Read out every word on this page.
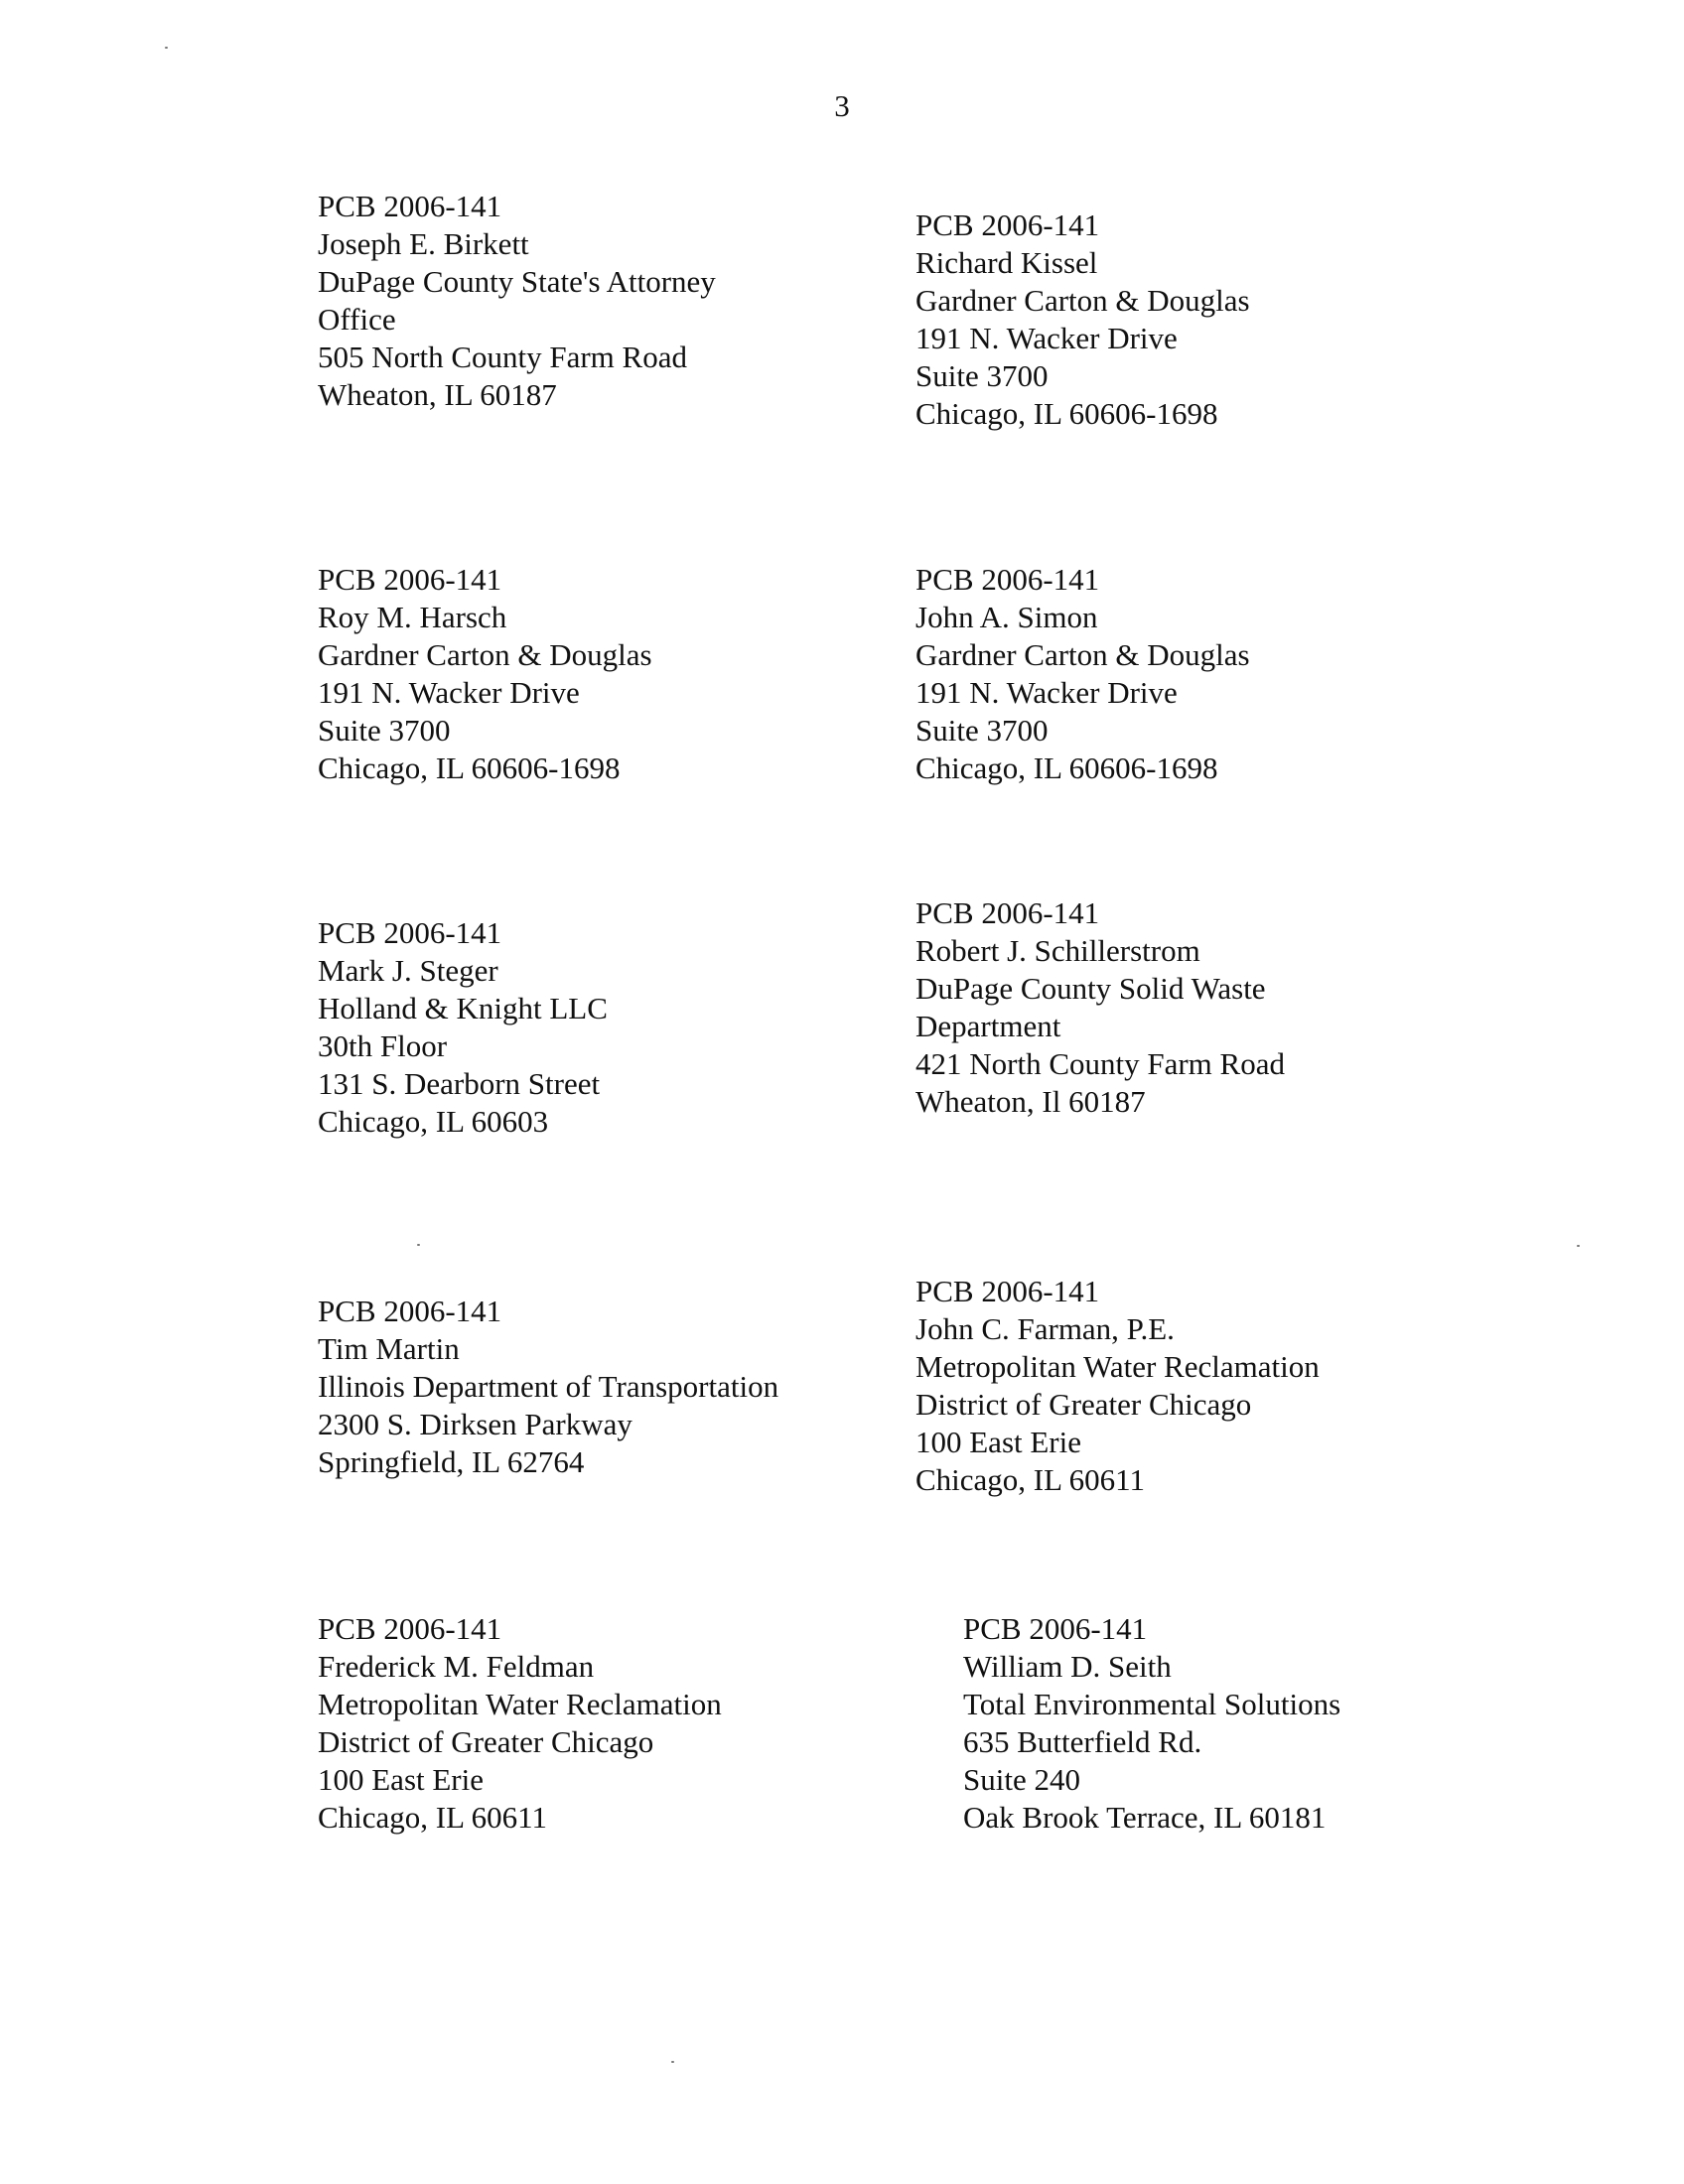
3
PCB 2006-141
Joseph E. Birkett
DuPage County State's Attorney
Office
505 North County Farm Road
Wheaton, IL 60187
PCB 2006-141
Richard Kissel
Gardner Carton & Douglas
191 N. Wacker Drive
Suite 3700
Chicago, IL 60606-1698
PCB 2006-141
Roy M. Harsch
Gardner Carton & Douglas
191 N. Wacker Drive
Suite 3700
Chicago, IL 60606-1698
PCB 2006-141
John A. Simon
Gardner Carton & Douglas
191 N. Wacker Drive
Suite 3700
Chicago, IL 60606-1698
PCB 2006-141
Mark J. Steger
Holland & Knight LLC
30th Floor
131 S. Dearborn Street
Chicago, IL 60603
PCB 2006-141
Robert J. Schillerstrom
DuPage County Solid Waste
Department
421 North County Farm Road
Wheaton, Il 60187
PCB 2006-141
Tim Martin
Illinois Department of Transportation
2300 S. Dirksen Parkway
Springfield, IL 62764
PCB 2006-141
John C. Farman, P.E.
Metropolitan Water Reclamation
District of Greater Chicago
100 East Erie
Chicago, IL 60611
PCB 2006-141
Frederick M. Feldman
Metropolitan Water Reclamation
District of Greater Chicago
100 East Erie
Chicago, IL 60611
PCB 2006-141
William D. Seith
Total Environmental Solutions
635 Butterfield Rd.
Suite 240
Oak Brook Terrace, IL 60181
